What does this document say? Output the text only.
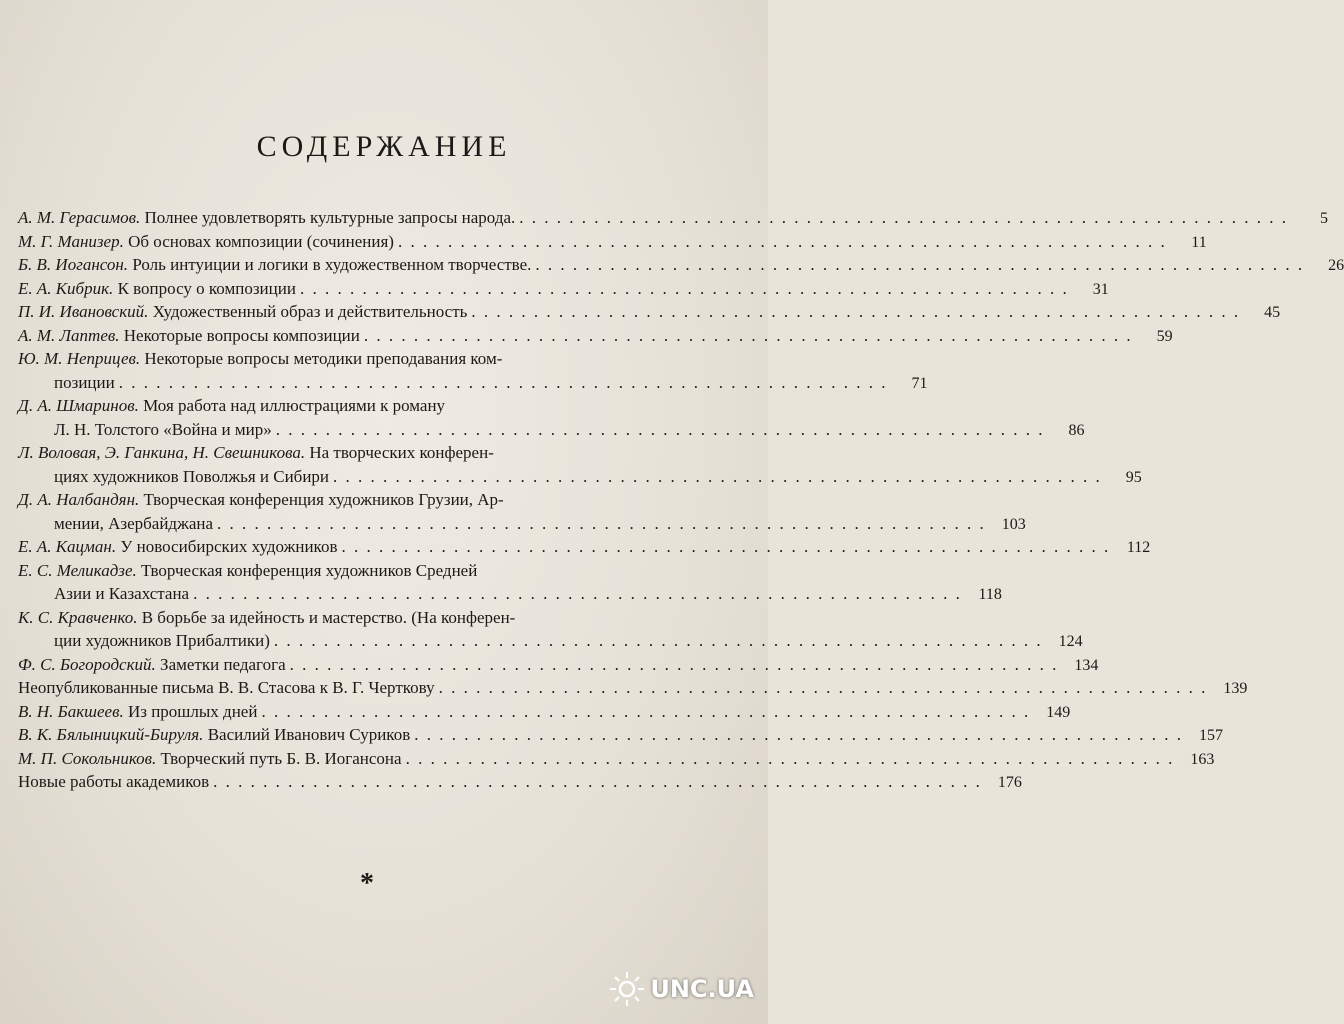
СОДЕРЖАНИЕ
А. М. Герасимов. Полнее удовлетворять культурные запросы народа. . . .	5
М. Г. Манизер. Об основах композиции (сочинения) . . .	11
Б. В. Иогансон. Роль интуиции и логики в художественном творчестве. . . .	26
Е. А. Кибрик. К вопросу о композиции . . .	31
П. И. Ивановский. Художественный образ и действительность . . .	45
А. М. Лаптев. Некоторые вопросы композиции . . .	59
Ю. М. Неприцев. Некоторые вопросы методики преподавания ком-
позиции . . .	71
Д. А. Шмаринов. Моя работа над иллюстрациями к роману
Л. Н. Толстого «Война и мир» . . .	86
Л. Воловая, Э. Ганкина, Н. Свешникова. На творческих конферен-
циях художников Поволжья и Сибири . . .	95
Д. А. Налбандян. Творческая конференция художников Грузии, Ар-
мении, Азербайджана . . .	103
Е. А. Кацман. У новосибирских художников . . .	112
Е. С. Меликадзе. Творческая конференция художников Средней
Азии и Казахстана . . .	118
К. С. Кравченко. В борьбе за идейность и мастерство. (На конферен-
ции художников Прибалтики) . . .	124
Ф. С. Богородский. Заметки педагога . . .	134
Неопубликованные письма В. В. Стасова к В. Г. Черткову . . .	139
В. Н. Бакшеев. Из прошлых дней . . .	149
В. К. Бялыницкий-Бируля. Василий Иванович Суриков . . .	157
М. П. Сокольников. Творческий путь Б. В. Иогансона . . .	163
Новые работы академиков . . .	176
*
UNC.UA
